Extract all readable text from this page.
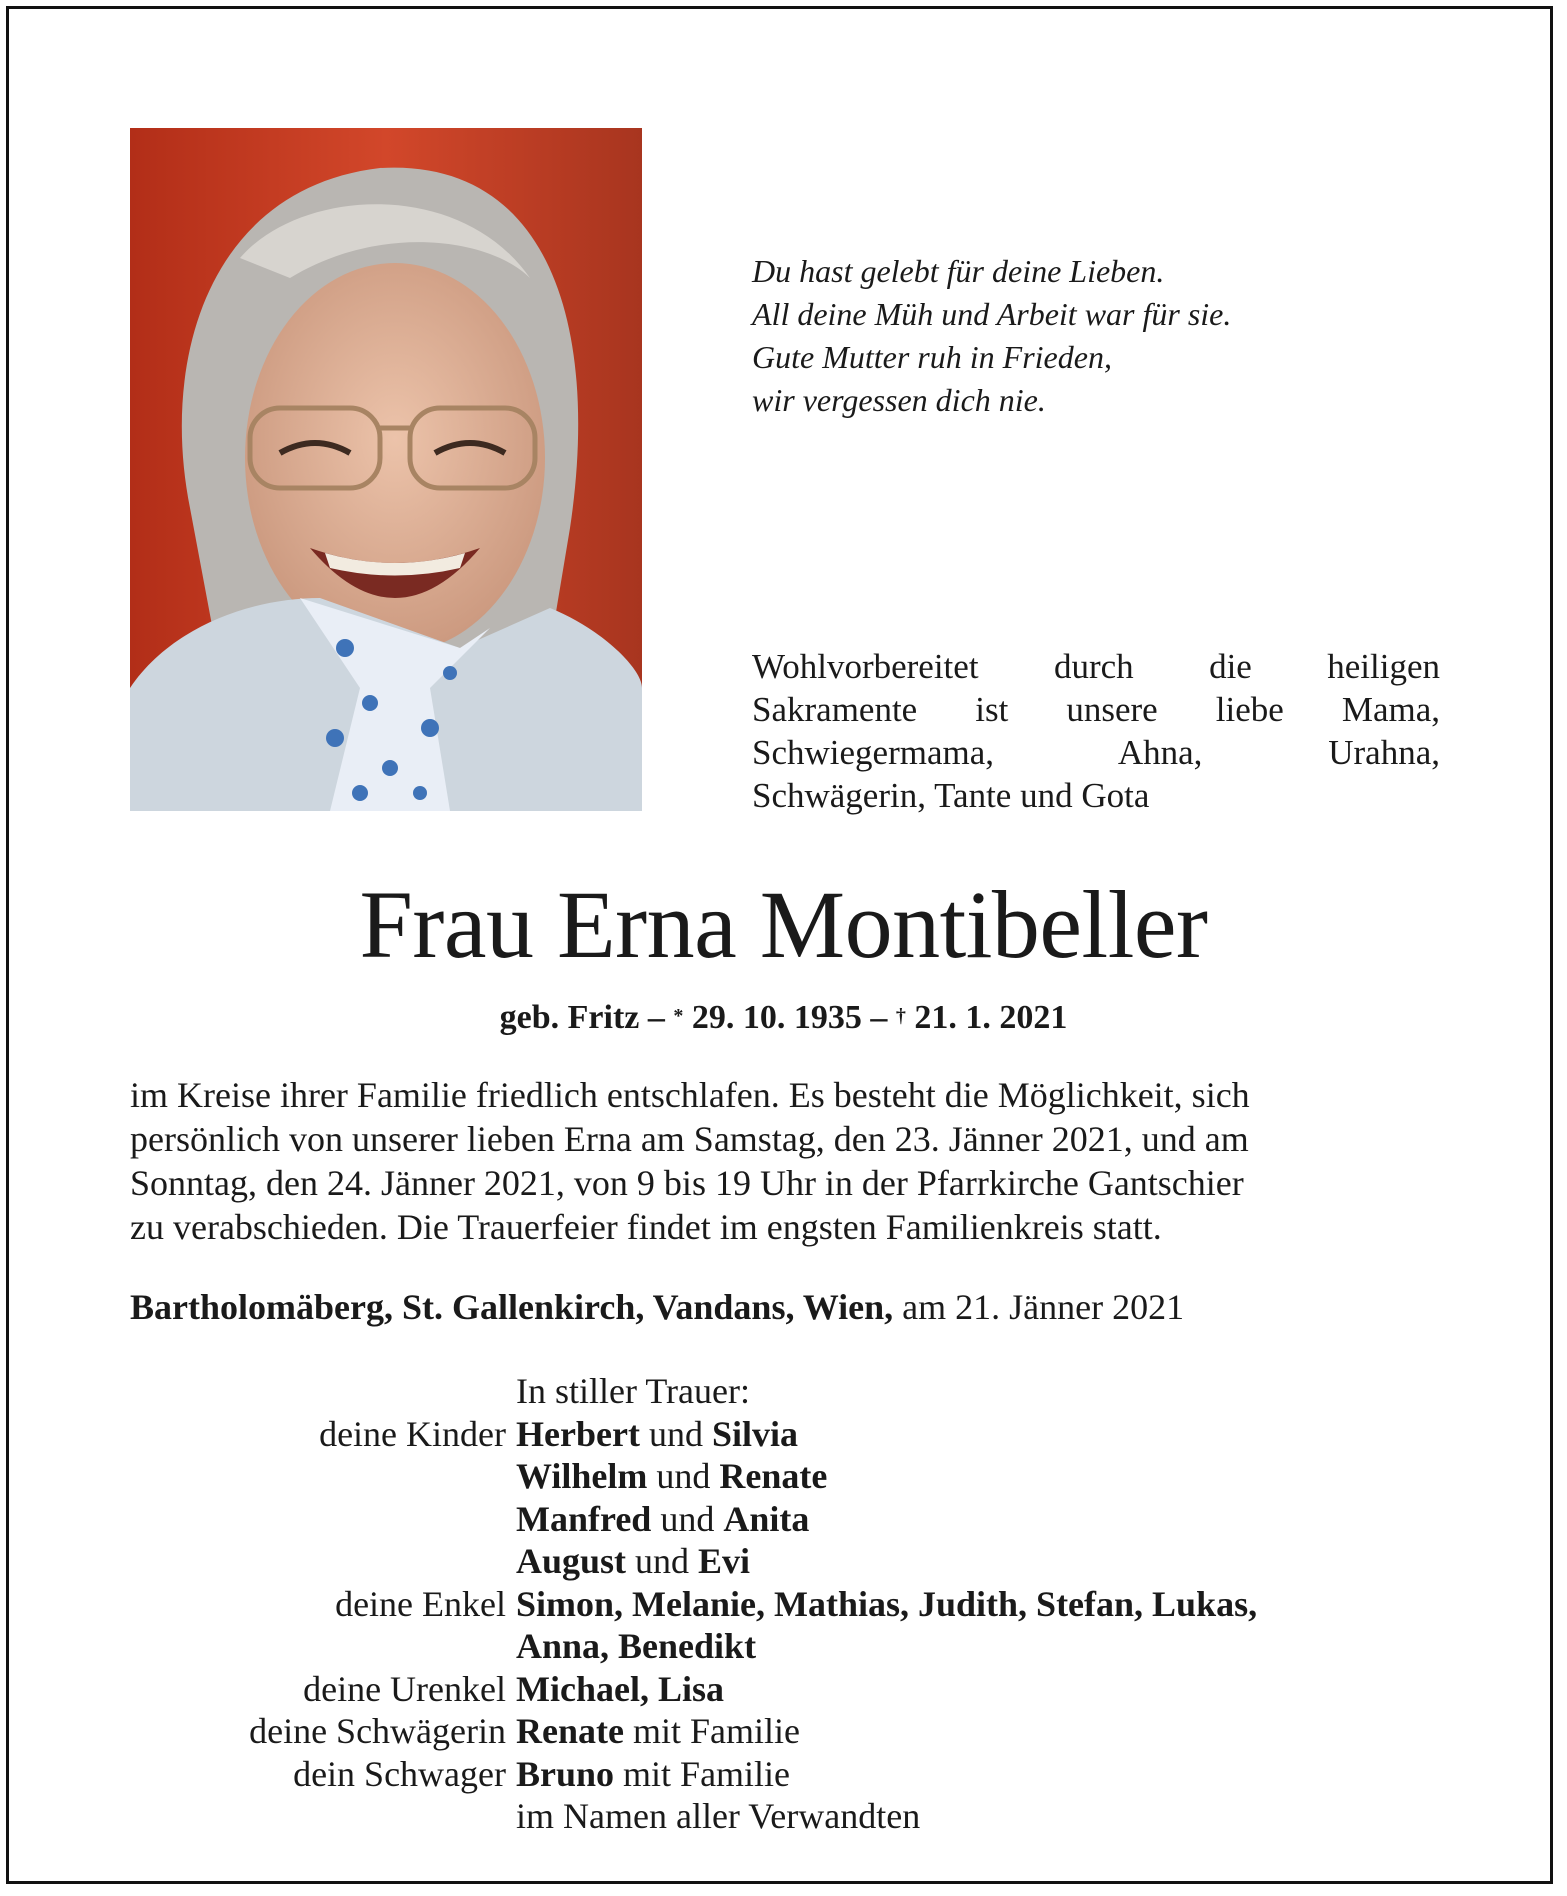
Du hast gelebt für deine Lieben.
All deine Müh und Arbeit war für sie.
Gute Mutter ruh in Frieden,
wir vergessen dich nie.
Wohlvorbereitet durch die heiligen
Sakramente ist unsere liebe Mama,
Schwiegermama, Ahna, Urahna,
Schwägerin, Tante und Gota
Frau Erna Montibeller
geb. Fritz – * 29. 10. 1935 – † 21. 1. 2021
im Kreise ihrer Familie friedlich entschlafen. Es besteht die Möglichkeit, sich
persönlich von unserer lieben Erna am Samstag, den 23. Jänner 2021, und am
Sonntag, den 24. Jänner 2021, von 9 bis 19 Uhr in der Pfarrkirche Gantschier
zu verabschieden. Die Trauerfeier findet im engsten Familienkreis statt.
Bartholomäberg, St. Gallenkirch, Vandans, Wien, am 21. Jänner 2021
In stiller Trauer:
deine Kinder Herbert und Silvia
Wilhelm und Renate
Manfred und Anita
August und Evi
deine Enkel Simon, Melanie, Mathias, Judith, Stefan, Lukas,
Anna, Benedikt
deine Urenkel Michael, Lisa
deine Schwägerin Renate mit Familie
dein Schwager Bruno mit Familie
im Namen aller Verwandten
